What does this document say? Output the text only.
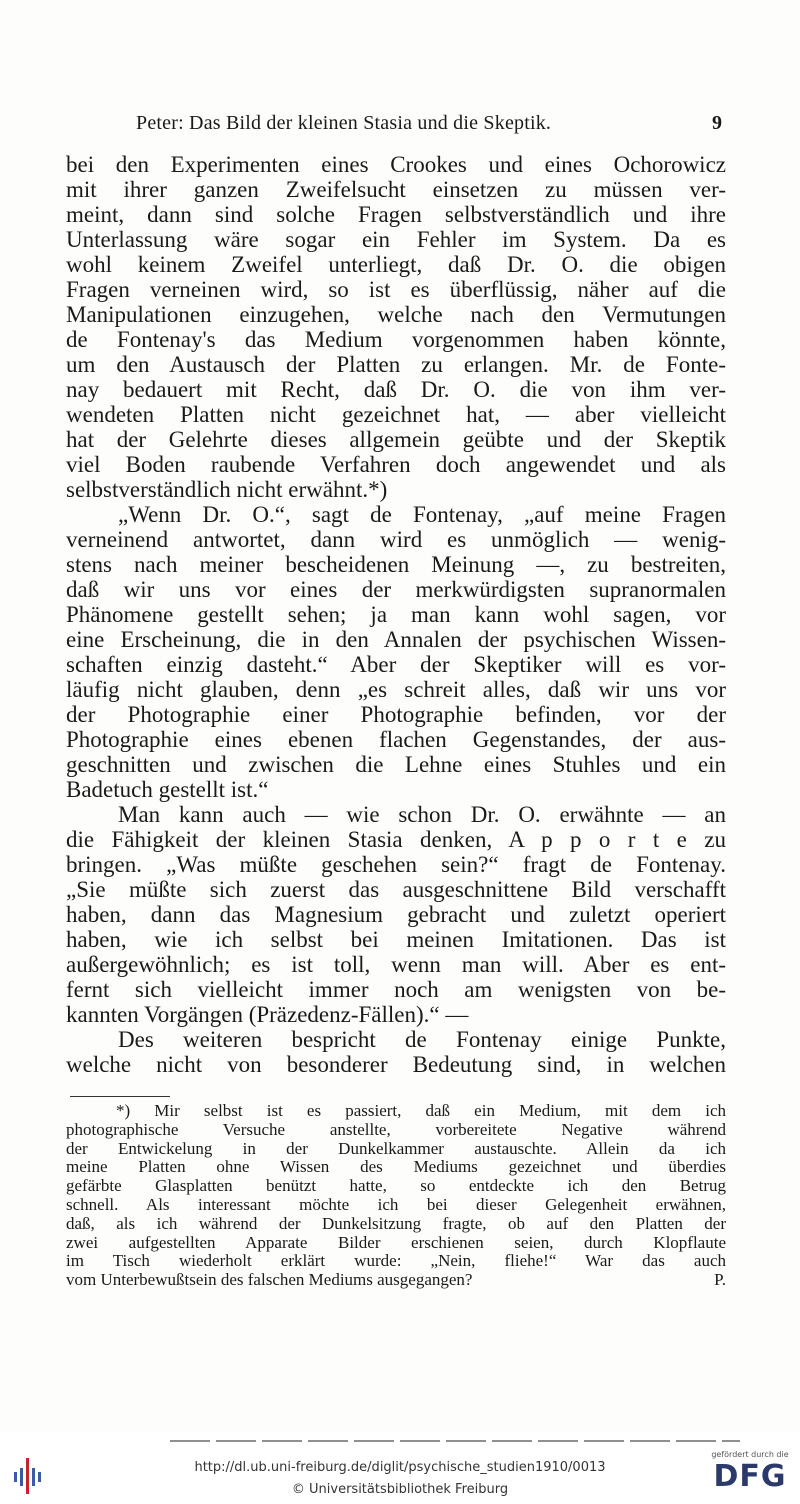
Peter: Das Bild der kleinen Stasia und die Skeptik.	9
bei den Experimenten eines Crookes und eines Ochorowicz
mit ihrer ganzen Zweifelsucht einsetzen zu müssen ver-
meint, dann sind solche Fragen selbstverständlich und ihre
Unterlassung wäre sogar ein Fehler im System. Da es
wohl keinem Zweifel unterliegt, daß Dr. O. die obigen
Fragen verneinen wird, so ist es überflüssig, näher auf die
Manipulationen einzugehen, welche nach den Vermutungen
de Fontenay's das Medium vorgenommen haben könnte,
um den Austausch der Platten zu erlangen. Mr. de Fonte-
nay bedauert mit Recht, daß Dr. O. die von ihm ver-
wendeten Platten nicht gezeichnet hat, — aber vielleicht
hat der Gelehrte dieses allgemein geübte und der Skeptik
viel Boden raubende Verfahren doch angewendet und als
selbstverständlich nicht erwähnt.*)
„Wenn Dr. O.“, sagt de Fontenay, „auf meine Fragen
verneinend antwortet, dann wird es unmöglich — wenig-
stens nach meiner bescheidenen Meinung —, zu bestreiten,
daß wir uns vor eines der merkwürdigsten supranormalen
Phänomene gestellt sehen; ja man kann wohl sagen, vor
eine Erscheinung, die in den Annalen der psychischen Wissen-
schaften einzig dasteht.“ Aber der Skeptiker will es vor-
läufig nicht glauben, denn „es schreit alles, daß wir uns vor
der Photographie einer Photographie befinden, vor der
Photographie eines ebenen flachen Gegenstandes, der aus-
geschnitten und zwischen die Lehne eines Stuhles und ein
Badetuch gestellt ist.“
Man kann auch — wie schon Dr. O. erwähnte — an
die Fähigkeit der kleinen Stasia denken, A p p o r t e zu
bringen. „Was müßte geschehen sein?“ fragt de Fontenay.
„Sie müßte sich zuerst das ausgeschnittene Bild verschafft
haben, dann das Magnesium gebracht und zuletzt operiert
haben, wie ich selbst bei meinen Imitationen. Das ist
außergewöhnlich; es ist toll, wenn man will. Aber es ent-
fernt sich vielleicht immer noch am wenigsten von be-
kannten Vorgängen (Präzedenz-Fällen).“ —
Des weiteren bespricht de Fontenay einige Punkte,
welche nicht von besonderer Bedeutung sind, in welchen
*) Mir selbst ist es passiert, daß ein Medium, mit dem ich
photographische Versuche anstellte, vorbereitete Negative während
der Entwickelung in der Dunkelkammer austauschte. Allein da ich
meine Platten ohne Wissen des Mediums gezeichnet und überdies
gefärbte Glasplatten benützt hatte, so entdeckte ich den Betrug
schnell. Als interessant möchte ich bei dieser Gelegenheit erwähnen,
daß, als ich während der Dunkelsitzung fragte, ob auf den Platten der
zwei aufgestellten Apparate Bilder erschienen seien, durch Klopflaute
im Tisch wiederholt erklärt wurde: „Nein, fliehe!“ War das auch
vom Unterbewußtsein des falschen Mediums ausgegangen?	P.
http://dl.ub.uni-freiburg.de/diglit/psychische_studien1910/0013
© Universitätsbibliothek Freiburg
gefördert durch die
DFG
